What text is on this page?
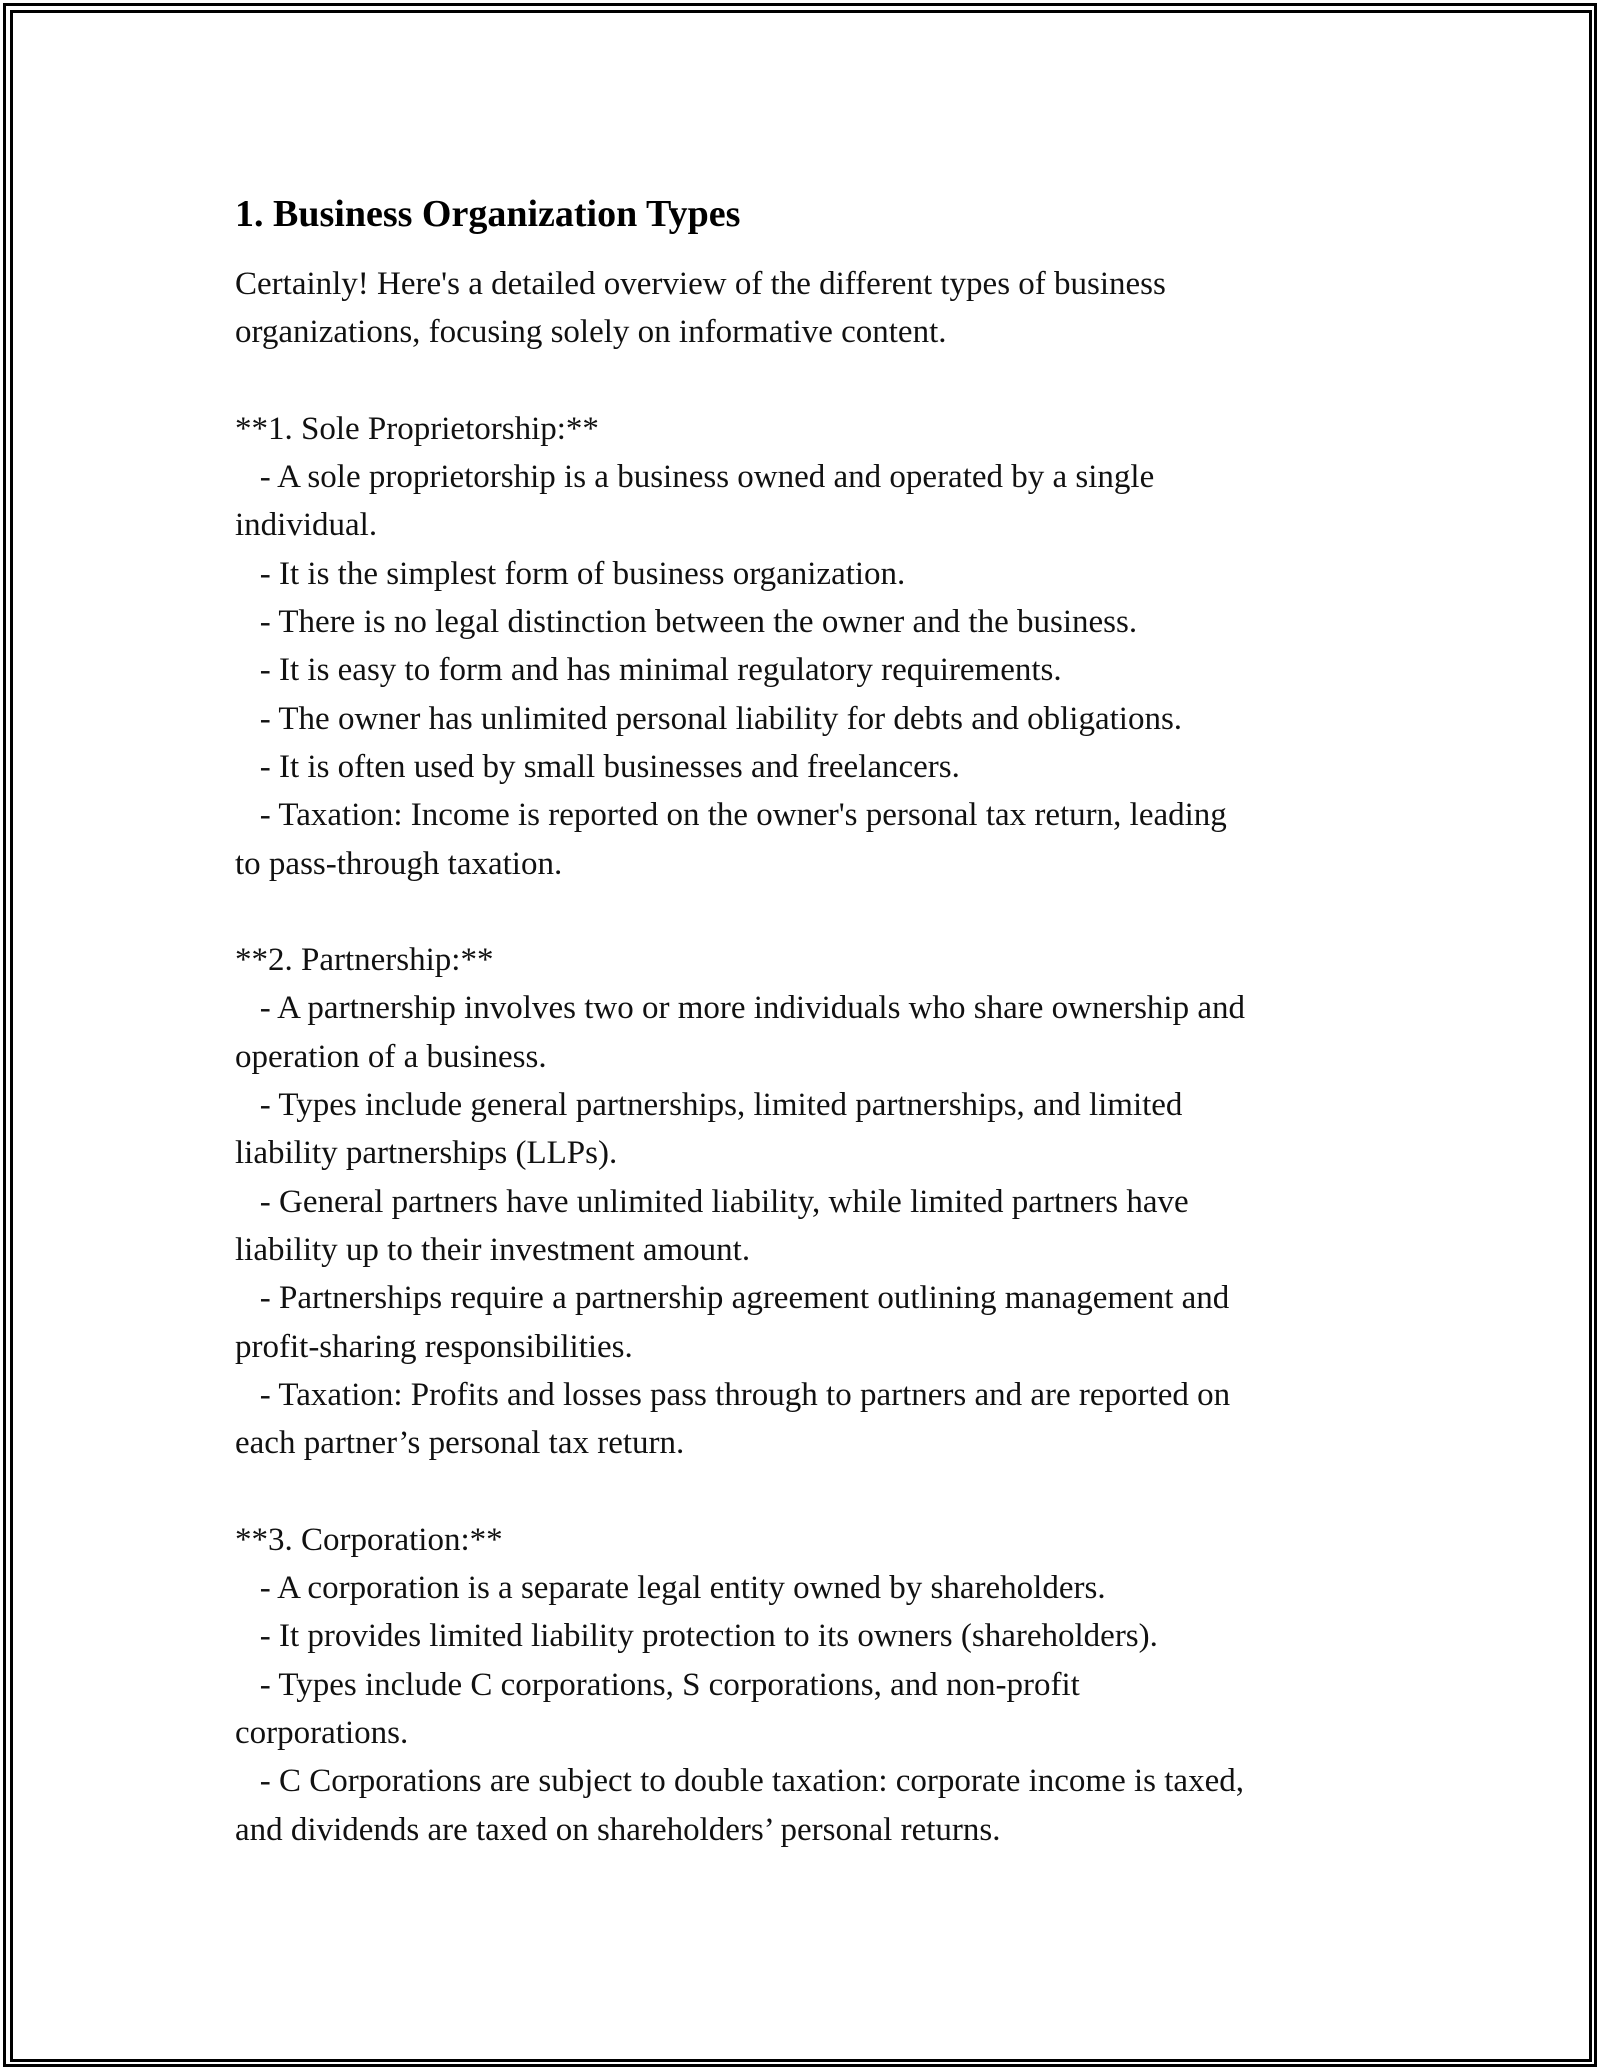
1. Business Organization Types

Certainly! Here's a detailed overview of the different types of business
organizations, focusing solely on informative content.

**1. Sole Proprietorship:**
- A sole proprietorship is a business owned and operated by a single
individual.
- It is the simplest form of business organization.
- There is no legal distinction between the owner and the business.
- It is easy to form and has minimal regulatory requirements.
- The owner has unlimited personal liability for debts and obligations.
- It is often used by small businesses and freelancers.
- Taxation: Income is reported on the owner's personal tax return, leading
to pass-through taxation.

**2. Partnership:**
- A partnership involves two or more individuals who share ownership and
operation of a business.
- Types include general partnerships, limited partnerships, and limited
liability partnerships (LLPs).
- General partners have unlimited liability, while limited partners have
liability up to their investment amount.
- Partnerships require a partnership agreement outlining management and
profit-sharing responsibilities.
- Taxation: Profits and losses pass through to partners and are reported on
each partner’s personal tax return.

**3. Corporation:**
- A corporation is a separate legal entity owned by shareholders.
- It provides limited liability protection to its owners (shareholders).
- Types include C corporations, S corporations, and non-profit
corporations.
- C Corporations are subject to double taxation: corporate income is taxed,
and dividends are taxed on shareholders’ personal returns.
